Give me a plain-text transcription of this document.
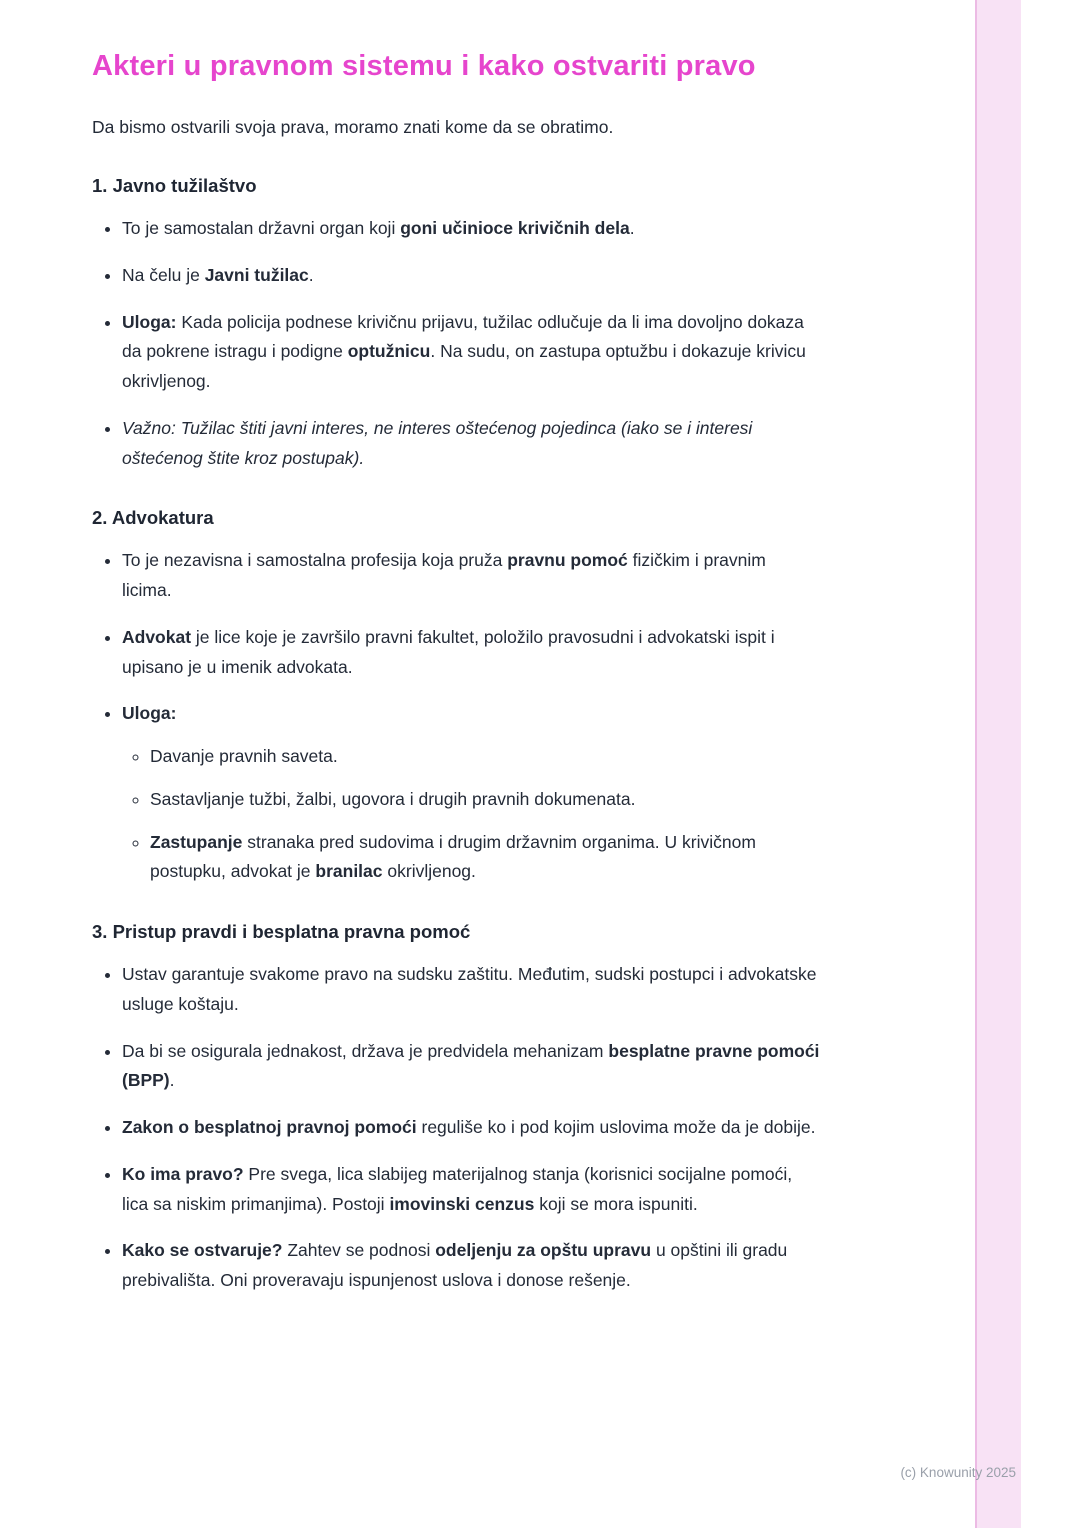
Akteri u pravnom sistemu i kako ostvariti pravo

Da bismo ostvarili svoja prava, moramo znati kome da se obratimo.

1. Javno tužilaštvo
• To je samostalan državni organ koji goni učinioce krivičnih dela.
• Na čelu je Javni tužilac.
• Uloga: Kada policija podnese krivičnu prijavu, tužilac odlučuje da li ima dovoljno dokaza da pokrene istragu i podigne optužnicu. Na sudu, on zastupa optužbu i dokazuje krivicu okrivljenog.
• Važno: Tužilac štiti javni interes, ne interes oštećenog pojedinca (iako se i interesi oštećenog štite kroz postupak).
2. Advokatura
• To je nezavisna i samostalna profesija koja pruža pravnu pomoć fizičkim i pravnim licima.
• Advokat je lice koje je završilo pravni fakultet, položilo pravosudni i advokatski ispit i upisano je u imenik advokata.
• Uloga:
◦ Davanje pravnih saveta.
◦ Sastavljanje tužbi, žalbi, ugovora i drugih pravnih dokumenata.
◦ Zastupanje stranaka pred sudovima i drugim državnim organima. U krivičnom postupku, advokat je branilac okrivljenog.
3. Pristup pravdi i besplatna pravna pomoć
• Ustav garantuje svakome pravo na sudsku zaštitu. Međutim, sudski postupci i advokatske usluge koštaju.
• Da bi se osigurala jednakost, država je predvidela mehanizam besplatne pravne pomoći (BPP).
• Zakon o besplatnoj pravnoj pomoći reguliše ko i pod kojim uslovima može da je dobije.
• Ko ima pravo? Pre svega, lica slabijeg materijalnog stanja (korisnici socijalne pomoći, lica sa niskim primanjima). Postoji imovinski cenzus koji se mora ispuniti.
• Kako se ostvaruje? Zahtev se podnosi odeljenju za opštu upravu u opštini ili gradu prebivališta. Oni proveravaju ispunjenost uslova i donose rešenje.
(c) Knowunity 2025
